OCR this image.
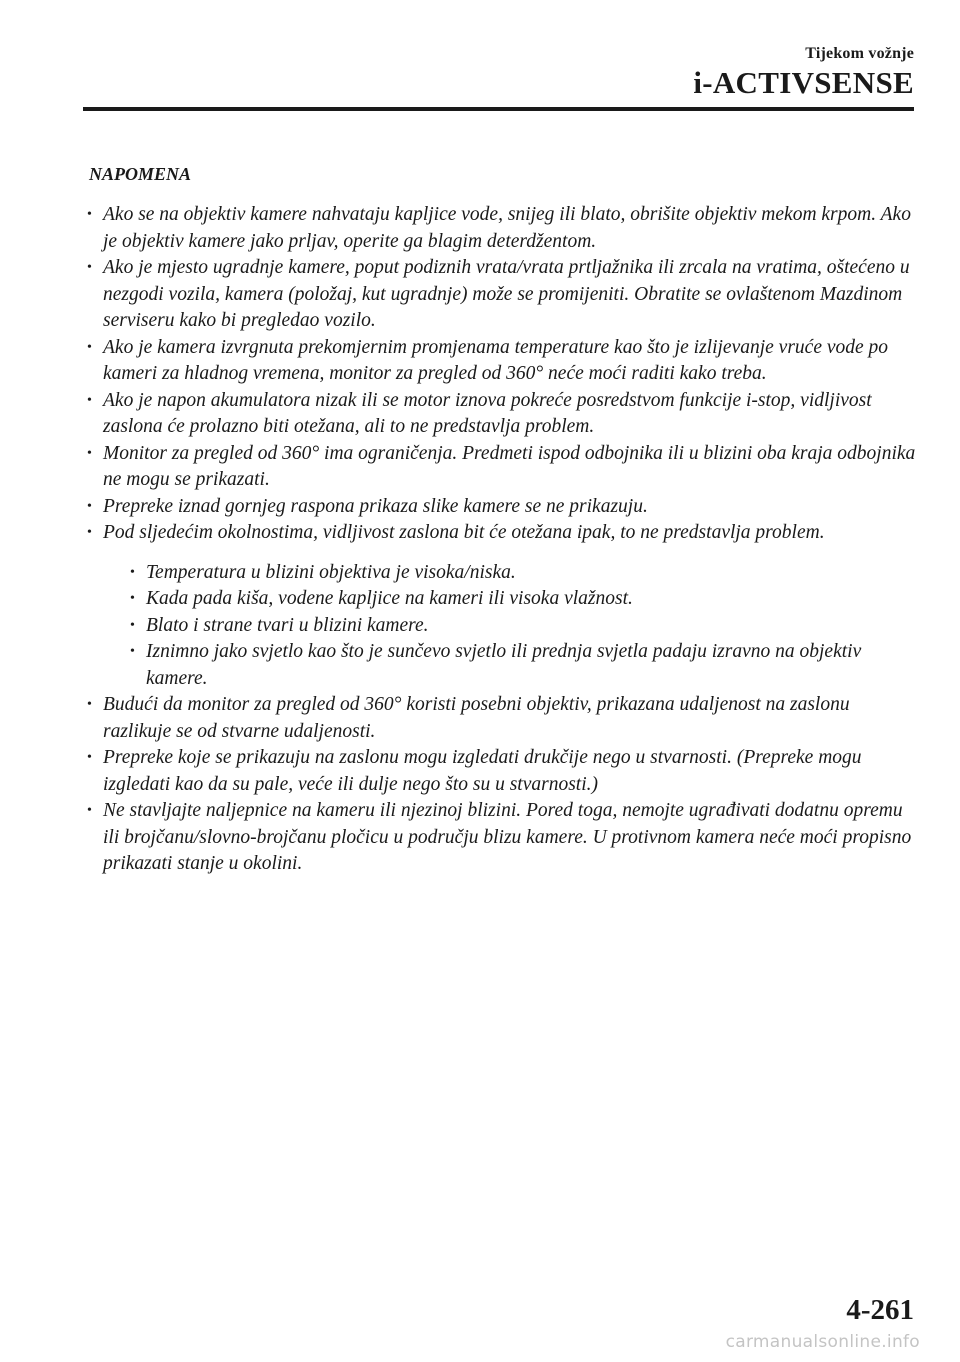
Tijekom vožnje
i-ACTIVSENSE
NAPOMENA
• Ako se na objektiv kamere nahvataju kapljice vode, snijeg ili blato, obrišite objektiv mekom krpom. Ako je objektiv kamere jako prljav, operite ga blagim deterdžentom.
• Ako je mjesto ugradnje kamere, poput podiznih vrata/vrata prtljažnika ili zrcala na vratima, oštećeno u nezgodi vozila, kamera (položaj, kut ugradnje) može se promijeniti. Obratite se ovlaštenom Mazdinom serviseru kako bi pregledao vozilo.
• Ako je kamera izvrgnuta prekomjernim promjenama temperature kao što je izlijevanje vruće vode po kameri za hladnog vremena, monitor za pregled od 360° neće moći raditi kako treba.
• Ako je napon akumulatora nizak ili se motor iznova pokreće posredstvom funkcije i-stop, vidljivost zaslona će prolazno biti otežana, ali to ne predstavlja problem.
• Monitor za pregled od 360° ima ograničenja. Predmeti ispod odbojnika ili u blizini oba kraja odbojnika ne mogu se prikazati.
• Prepreke iznad gornjeg raspona prikaza slike kamere se ne prikazuju.
• Pod sljedećim okolnostima, vidljivost zaslona bit će otežana ipak, to ne predstavlja problem.
• Temperatura u blizini objektiva je visoka/niska.
• Kada pada kiša, vodene kapljice na kameri ili visoka vlažnost.
• Blato i strane tvari u blizini kamere.
• Iznimno jako svjetlo kao što je sunčevo svjetlo ili prednja svjetla padaju izravno na objektiv kamere.
• Budući da monitor za pregled od 360° koristi posebni objektiv, prikazana udaljenost na zaslonu razlikuje se od stvarne udaljenosti.
• Prepreke koje se prikazuju na zaslonu mogu izgledati drukčije nego u stvarnosti. (Prepreke mogu izgledati kao da su pale, veće ili dulje nego što su u stvarnosti.)
• Ne stavljajte naljepnice na kameru ili njezinoj blizini. Pored toga, nemojte ugrađivati dodatnu opremu ili brojčanu/slovno-brojčanu pločicu u području blizu kamere. U protivnom kamera neće moći propisno prikazati stanje u okolini.
4-261
carmanualsonline.info
